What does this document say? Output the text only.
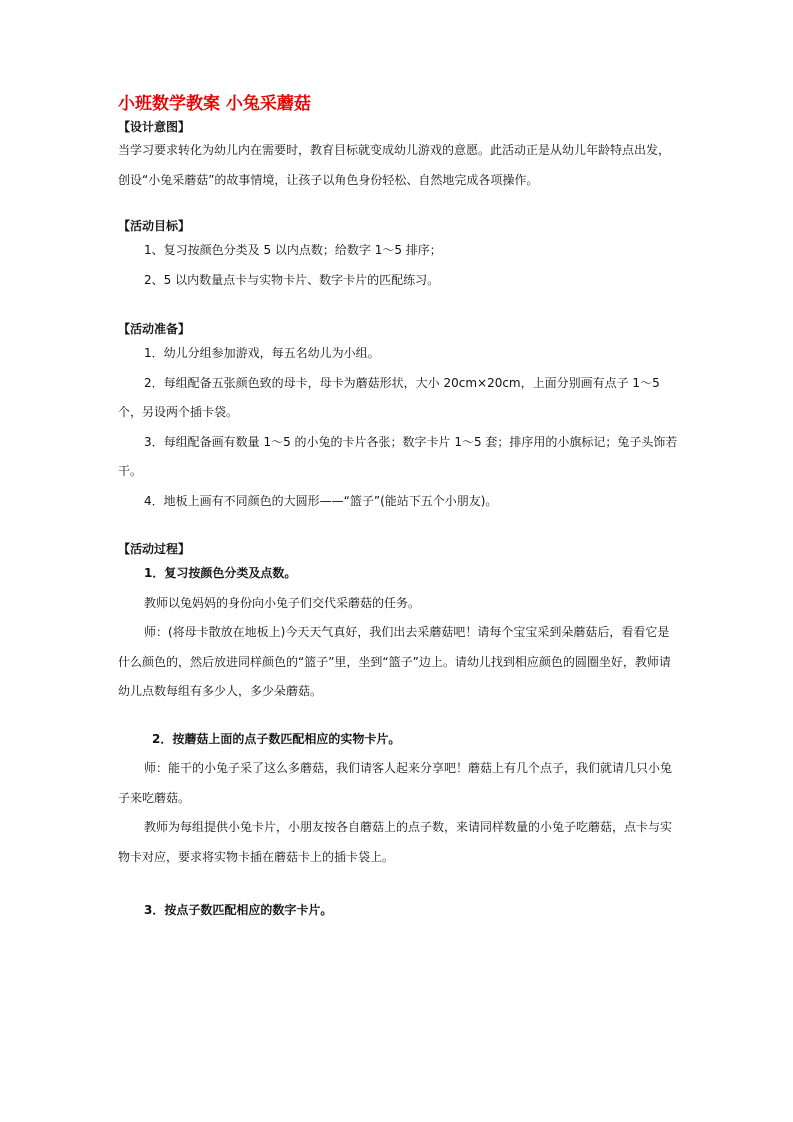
小班数学教案 小兔采蘑菇
【设计意图】

当学习要求转化为幼儿内在需要时，教育目标就变成幼儿游戏的意愿。此活动正是从幼儿年龄特点出发，创设“小兔采蘑菇”的故事情境，让孩子以角色身份轻松、自然地完成各项操作。

【活动目标】

1、复习按颜色分类及 5 以内点数；给数字 1～5 排序；

2、5 以内数量点卡与实物卡片、数字卡片的匹配练习。

【活动准备】

1．幼儿分组参加游戏，每五名幼儿为小组。

2．每组配备五张颜色致的母卡，母卡为蘑菇形状，大小 20cm×20cm，上面分别画有点子 1～5 个，另设两个插卡袋。

3．每组配备画有数量 1～5 的小兔的卡片各张；数字卡片 1～5 套；排序用的小旗标记；兔子头饰若干。

4．地板上画有不同颜色的大圆形——“篮子”(能站下五个小朋友)。

【活动过程】

1．复习按颜色分类及点数。

教师以兔妈妈的身份向小兔子们交代采蘑菇的任务。

师：(将母卡散放在地板上)今天天气真好，我们出去采蘑菇吧！请每个宝宝采到朵蘑菇后，看看它是什么颜色的，然后放进同样颜色的“篮子”里，坐到“篮子”边上。请幼儿找到相应颜色的圆圈坐好，教师请幼儿点数每组有多少人，多少朵蘑菇。

2．按蘑菇上面的点子数匹配相应的实物卡片。

师：能干的小兔子采了这么多蘑菇，我们请客人起来分享吧！蘑菇上有几个点子，我们就请几只小兔子来吃蘑菇。

教师为每组提供小兔卡片，小朋友按各自蘑菇上的点子数，来请同样数量的小兔子吃蘑菇，点卡与实物卡对应，要求将实物卡插在蘑菇卡上的插卡袋上。

3．按点子数匹配相应的数字卡片。
